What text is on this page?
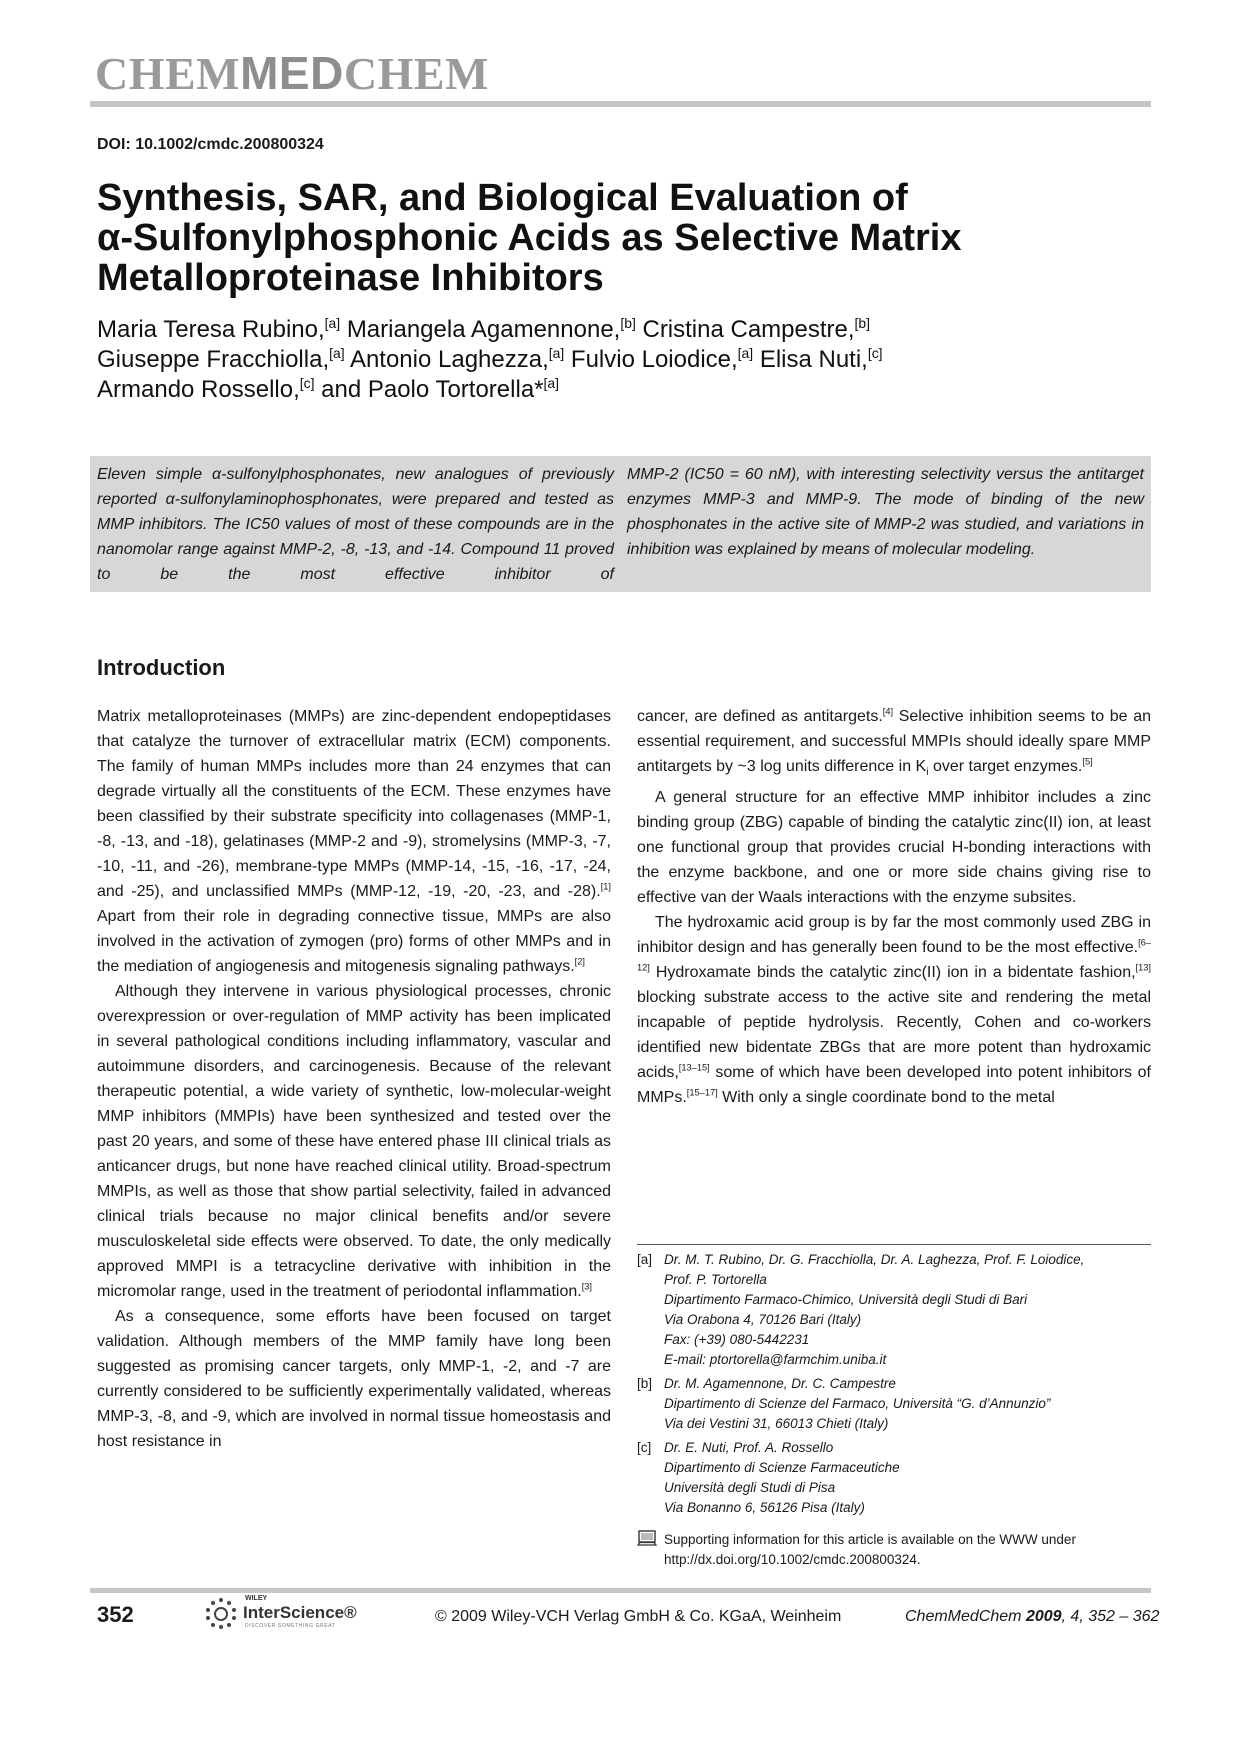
CHEMMEDCHEM

DOI: 10.1002/cmdc.200800324

Synthesis, SAR, and Biological Evaluation of
α-Sulfonylphosphonic Acids as Selective Matrix
Metalloproteinase Inhibitors

Maria Teresa Rubino,[a] Mariangela Agamennone,[b] Cristina Campestre,[b]
Giuseppe Fracchiolla,[a] Antonio Laghezza,[a] Fulvio Loiodice,[a] Elisa Nuti,[c]
Armando Rossello,[c] and Paolo Tortorella*[a]

Eleven simple α-sulfonylphosphonates, new analogues of previously reported α-sulfonylaminophosphonates, were prepared and tested as MMP inhibitors. The IC50 values of most of these compounds are in the nanomolar range against MMP-2, -8, -13, and -14. Compound 11 proved to be the most effective inhibitor of

MMP-2 (IC50 = 60 nM), with interesting selectivity versus the antitarget enzymes MMP-3 and MMP-9. The mode of binding of the new phosphonates in the active site of MMP-2 was studied, and variations in inhibition was explained by means of molecular modeling.

Introduction

Matrix metalloproteinases (MMPs) are zinc-dependent endopeptidases that catalyze the turnover of extracellular matrix (ECM) components. The family of human MMPs includes more than 24 enzymes that can degrade virtually all the constituents of the ECM. These enzymes have been classified by their substrate specificity into collagenases (MMP-1, -8, -13, and -18), gelatinases (MMP-2 and -9), stromelysins (MMP-3, -7, -10, -11, and -26), membrane-type MMPs (MMP-14, -15, -16, -17, -24, and -25), and unclassified MMPs (MMP-12, -19, -20, -23, and -28).[1] Apart from their role in degrading connective tissue, MMPs are also involved in the activation of zymogen (pro) forms of other MMPs and in the mediation of angiogenesis and mitogenesis signaling pathways.[2]

Although they intervene in various physiological processes, chronic overexpression or over-regulation of MMP activity has been implicated in several pathological conditions including inflammatory, vascular and autoimmune disorders, and carcinogenesis. Because of the relevant therapeutic potential, a wide variety of synthetic, low-molecular-weight MMP inhibitors (MMPIs) have been synthesized and tested over the past 20 years, and some of these have entered phase III clinical trials as anticancer drugs, but none have reached clinical utility. Broad-spectrum MMPIs, as well as those that show partial selectivity, failed in advanced clinical trials because no major clinical benefits and/or severe musculoskeletal side effects were observed. To date, the only medically approved MMPI is a tetracycline derivative with inhibition in the micromolar range, used in the treatment of periodontal inflammation.[3]

As a consequence, some efforts have been focused on target validation. Although members of the MMP family have long been suggested as promising cancer targets, only MMP-1, -2, and -7 are currently considered to be sufficiently experimentally validated, whereas MMP-3, -8, and -9, which are involved in normal tissue homeostasis and host resistance in

cancer, are defined as antitargets.[4] Selective inhibition seems to be an essential requirement, and successful MMPIs should ideally spare MMP antitargets by ~3 log units difference in $K_i$ over target enzymes.[5]

A general structure for an effective MMP inhibitor includes a zinc binding group (ZBG) capable of binding the catalytic zinc(II) ion, at least one functional group that provides crucial H-bonding interactions with the enzyme backbone, and one or more side chains giving rise to effective van der Waals interactions with the enzyme subsites.

The hydroxamic acid group is by far the most commonly used ZBG in inhibitor design and has generally been found to be the most effective.[6–12] Hydroxamate binds the catalytic zinc(II) ion in a bidentate fashion,[13] blocking substrate access to the active site and rendering the metal incapable of peptide hydrolysis. Recently, Cohen and co-workers identified new bidentate ZBGs that are more potent than hydroxamic acids,[13–15] some of which have been developed into potent inhibitors of MMPs.[15–17] With only a single coordinate bond to the metal

[a] Dr. M. T. Rubino, Dr. G. Fracchiolla, Dr. A. Laghezza, Prof. F. Loiodice,
Prof. P. Tortorella
Dipartimento Farmaco-Chimico, Università degli Studi di Bari
Via Orabona 4, 70126 Bari (Italy)
Fax: (+39) 080-5442231
E-mail: ptortorella@farmchim.uniba.it
[b] Dr. M. Agamennone, Dr. C. Campestre
Dipartimento di Scienze del Farmaco, Università “G. d’Annunzio”
Via dei Vestini 31, 66013 Chieti (Italy)
[c] Dr. E. Nuti, Prof. A. Rossello
Dipartimento di Scienze Farmaceutiche
Università degli Studi di Pisa
Via Bonanno 6, 56126 Pisa (Italy)
Supporting information for this article is available on the WWW under
http://dx.doi.org/10.1002/cmdc.200800324.

352

WILEY
InterScience®
DISCOVER SOMETHING GREAT

© 2009 Wiley-VCH Verlag GmbH & Co. KGaA, Weinheim	ChemMedChem 2009, 4, 352 – 362
